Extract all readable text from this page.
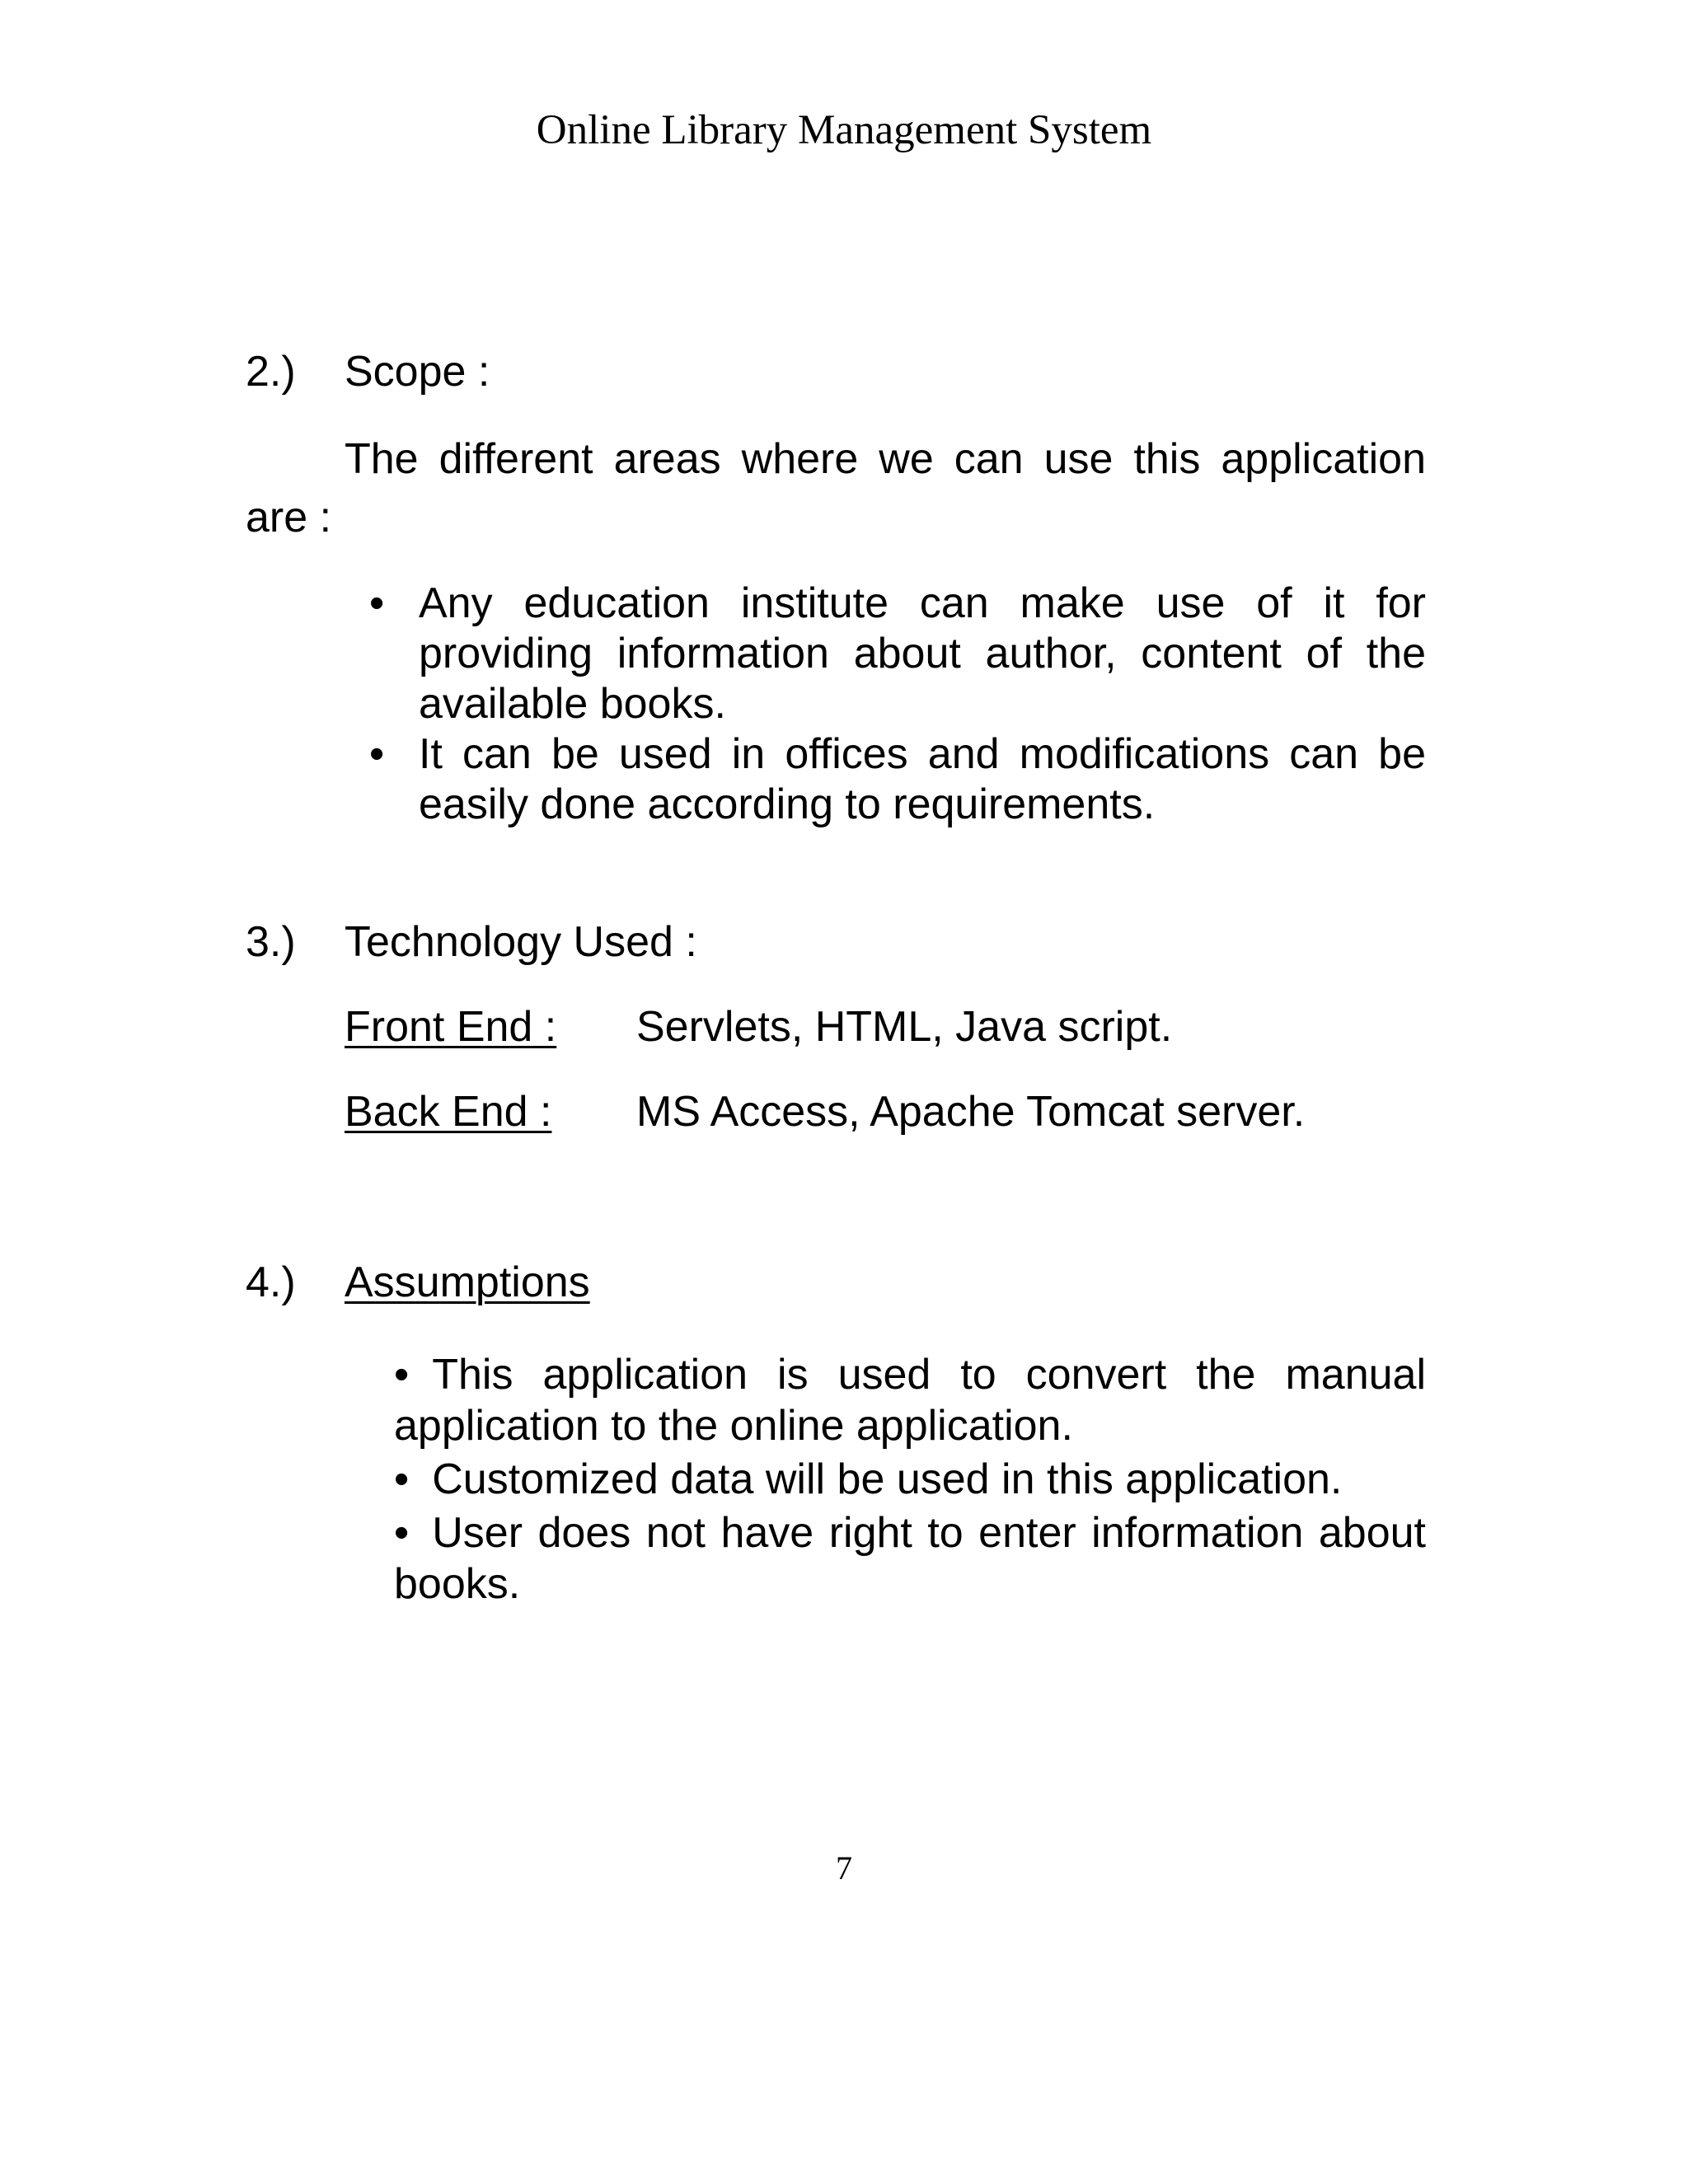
Online Library Management System
2.) Scope :

The different areas where we can use this application are :

• Any education institute can make use of it for providing information about author, content of the available books.
• It can be used in offices and modifications can be easily done according to requirements.
3.) Technology Used :

Front End : Servlets, HTML, Java script.

Back End : MS Access, Apache Tomcat server.

4.) Assumptions
• This application is used to convert the manual application to the online application.
• Customized data will be used in this application.
• User does not have right to enter information about books.

7
